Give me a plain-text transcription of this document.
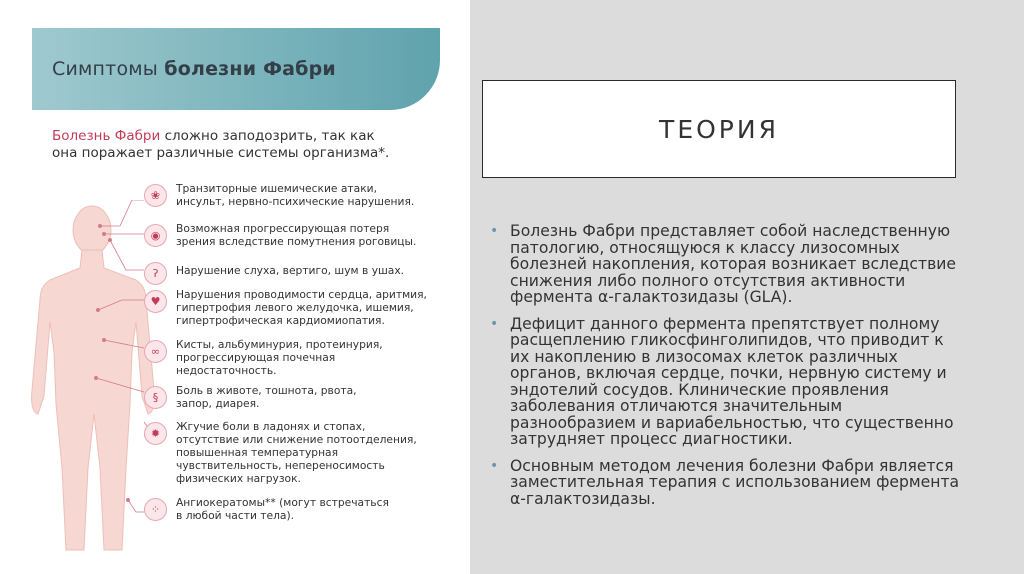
Симптомы болезни Фабри
Болезнь Фабри сложно заподозрить, так как
она поражает различные системы организма*.
❀
Транзиторные ишемические атаки,
инсульт, нервно-психические нарушения.
◉
Возможная прогрессирующая потеря
зрения вследствие помутнения роговицы.
ʔ	Нарушение слуха, вертиго, шум в ушах.
♥
Нарушения проводимости сердца, аритмия,
гипертрофия левого желудочка, ишемия,
гипертрофическая кардиомиопатия.
∞
Кисты, альбуминурия, протеинурия,
прогрессирующая почечная
недостаточность.
§
Боль в животе, тошнота, рвота,
запор, диарея.
✹
Жгучие боли в ладонях и стопах,
отсутствие или снижение потоотделения,
повышенная температурная
чувствительность, непереносимость
физических нагрузок.
⁘
Ангиокератомы** (могут встречаться
в любой части тела).
ТЕОРИЯ
• Болезнь Фабри представляет собой наследственную патологию, относящуюся к классу лизосомных болезней накопления, которая возникает вследствие снижения либо полного отсутствия активности фермента α-галактозидазы (GLA).
• Дефицит данного фермента препятствует полному расщеплению гликосфинголипидов, что приводит к их накоплению в лизосомах клеток различных органов, включая сердце, почки, нервную систему и эндотелий сосудов. Клинические проявления заболевания отличаются значительным разнообразием и вариабельностью, что существенно затрудняет процесс диагностики.
• Основным методом лечения болезни Фабри является заместительная терапия с использованием фермента α-галактозидазы.
